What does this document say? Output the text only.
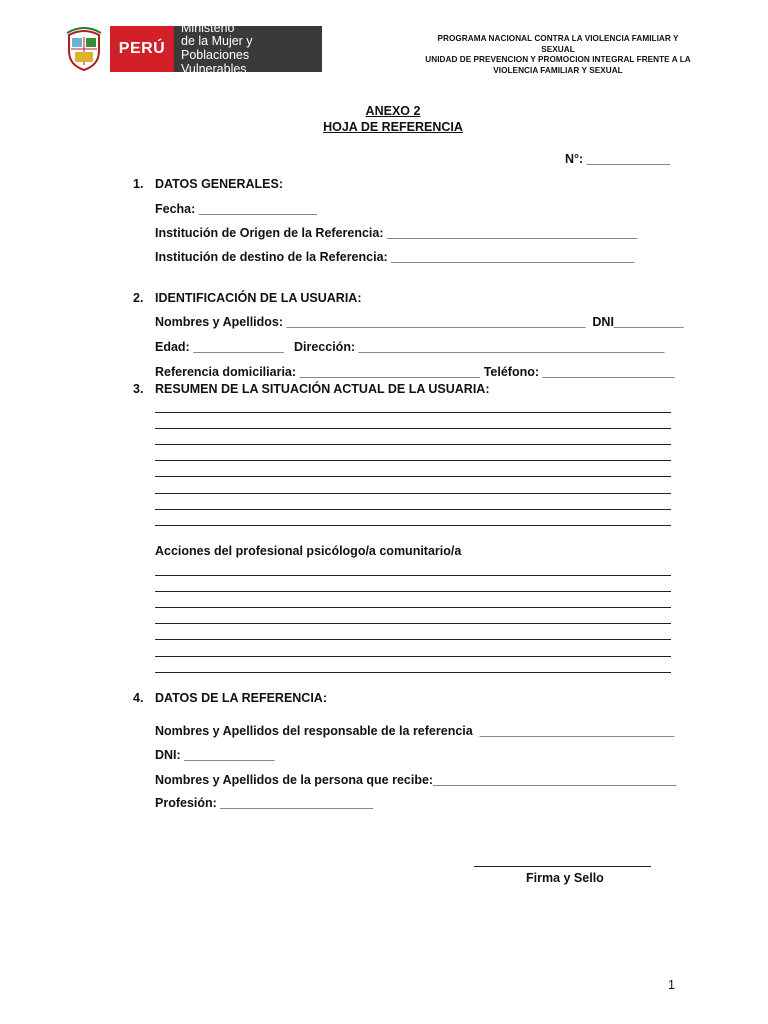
PERÚ
Ministerio
de la Mujer y
Poblaciones Vulnerables
PROGRAMA NACIONAL CONTRA LA VIOLENCIA FAMILIAR Y SEXUAL
UNIDAD DE PREVENCION Y PROMOCION INTEGRAL FRENTE A LA
VIOLENCIA FAMILIAR Y SEXUAL
ANEXO 2
HOJA DE REFERENCIA
N°: ____________
1. DATOS GENERALES:
Fecha: _________________
Institución de Origen de la Referencia: ____________________________________
Institución de destino de la Referencia: ___________________________________
2. IDENTIFICACIÓN DE LA USUARIA:
Nombres y Apellidos: ___________________________________________  DNI__________
Edad: _____________   Dirección: ____________________________________________
Referencia domiciliaria: __________________________ Teléfono: ___________________
3. RESUMEN DE LA SITUACIÓN ACTUAL DE LA USUARIA:
Acciones del profesional psicólogo/a comunitario/a
4. DATOS DE LA REFERENCIA:
Nombres y Apellidos del responsable de la referencia  ____________________________
DNI: _____________
Nombres y Apellidos de la persona que recibe:___________________________________
Profesión: ______________________
Firma y Sello
1
